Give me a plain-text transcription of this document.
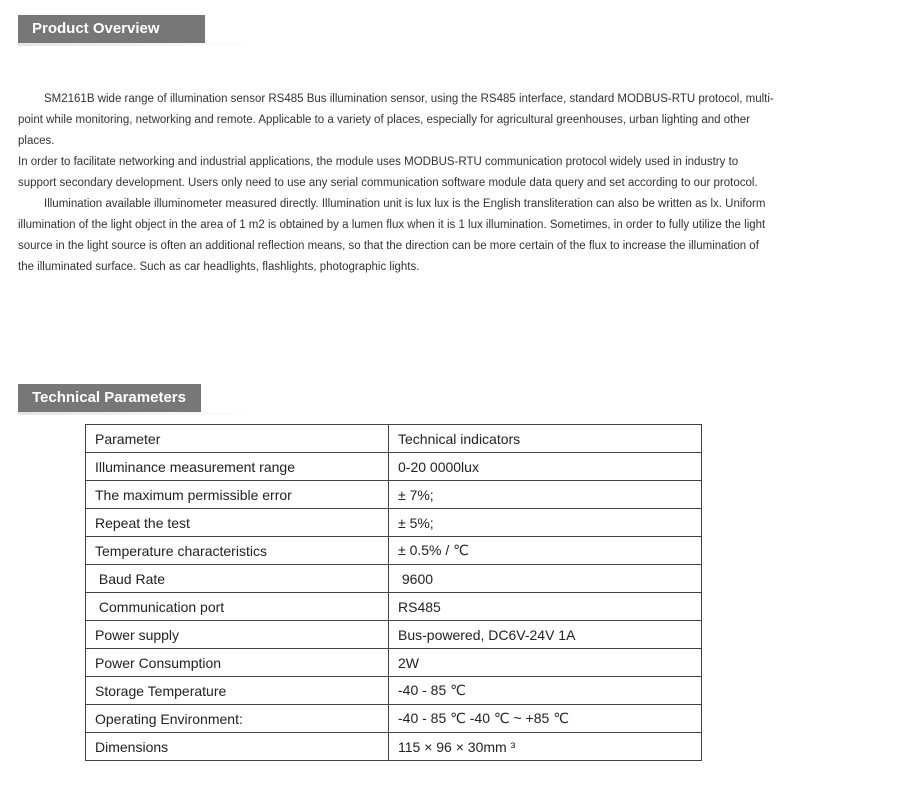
Product Overview

SM2161B wide range of illumination sensor RS485 Bus illumination sensor, using the RS485 interface, standard MODBUS-RTU protocol, multi-point while monitoring, networking and remote. Applicable to a variety of places, especially for agricultural greenhouses, urban lighting and other places.

In order to facilitate networking and industrial applications, the module uses MODBUS-RTU communication protocol widely used in industry to support secondary development. Users only need to use any serial communication software module data query and set according to our protocol.

Illumination available illuminometer measured directly. Illumination unit is lux lux is the English transliteration can also be written as lx. Uniform illumination of the light object in the area of 1 m2 is obtained by a lumen flux when it is 1 lux illumination. Sometimes, in order to fully utilize the light source in the light source is often an additional reflection means, so that the direction can be more certain of the flux to increase the illumination of the illuminated surface. Such as car headlights, flashlights, photographic lights.

Technical Parameters
Parameter	Technical indicators
Illuminance measurement range	0-20 0000lux
The maximum permissible error	± 7%;
Repeat the test	± 5%;
Temperature characteristics	± 0.5% / ℃
Baud Rate	9600
Communication port	RS485
Power supply	Bus-powered, DC6V-24V 1A
Power Consumption	2W
Storage Temperature	-40 - 85 ℃
Operating Environment:	-40 - 85 ℃ -40 ℃ ~ +85 ℃
Dimensions	115 × 96 × 30mm ³
